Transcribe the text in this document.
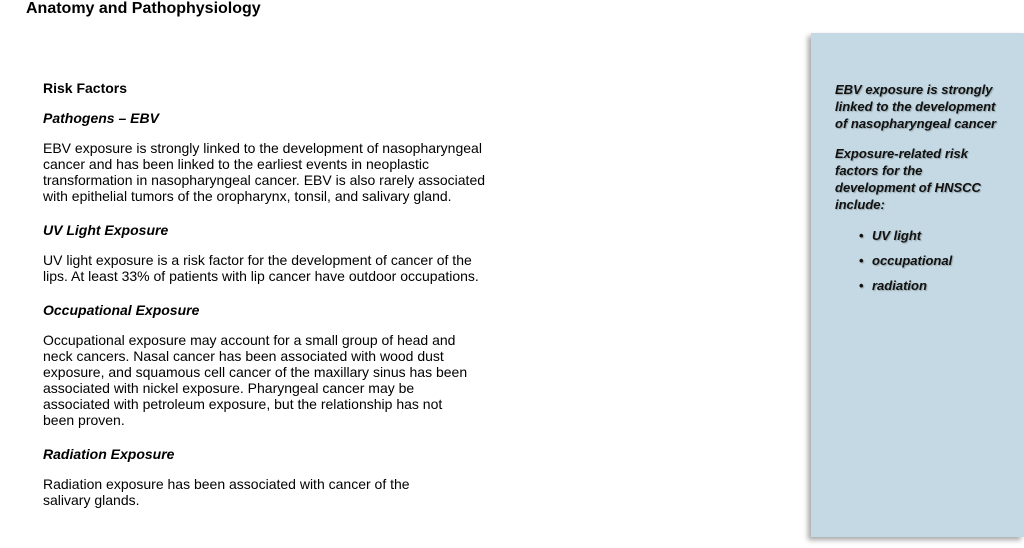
Anatomy and Pathophysiology
Risk Factors
Pathogens – EBV

EBV exposure is strongly linked to the development of nasopharyngeal
cancer and has been linked to the earliest events in neoplastic
transformation in nasopharyngeal cancer. EBV is also rarely associated
with epithelial tumors of the oropharynx, tonsil, and salivary gland.

UV Light Exposure

UV light exposure is a risk factor for the development of cancer of the
lips. At least 33% of patients with lip cancer have outdoor occupations.

Occupational Exposure

Occupational exposure may account for a small group of head and
neck cancers. Nasal cancer has been associated with wood dust
exposure, and squamous cell cancer of the maxillary sinus has been
associated with nickel exposure. Pharyngeal cancer may be
associated with petroleum exposure, but the relationship has not
been proven.

Radiation Exposure

Radiation exposure has been associated with cancer of the
salivary glands.

EBV exposure is strongly
linked to the development
of nasopharyngeal cancer

Exposure-related risk
factors for the
development of HNSCC
include:

• UV light
• occupational
• radiation
